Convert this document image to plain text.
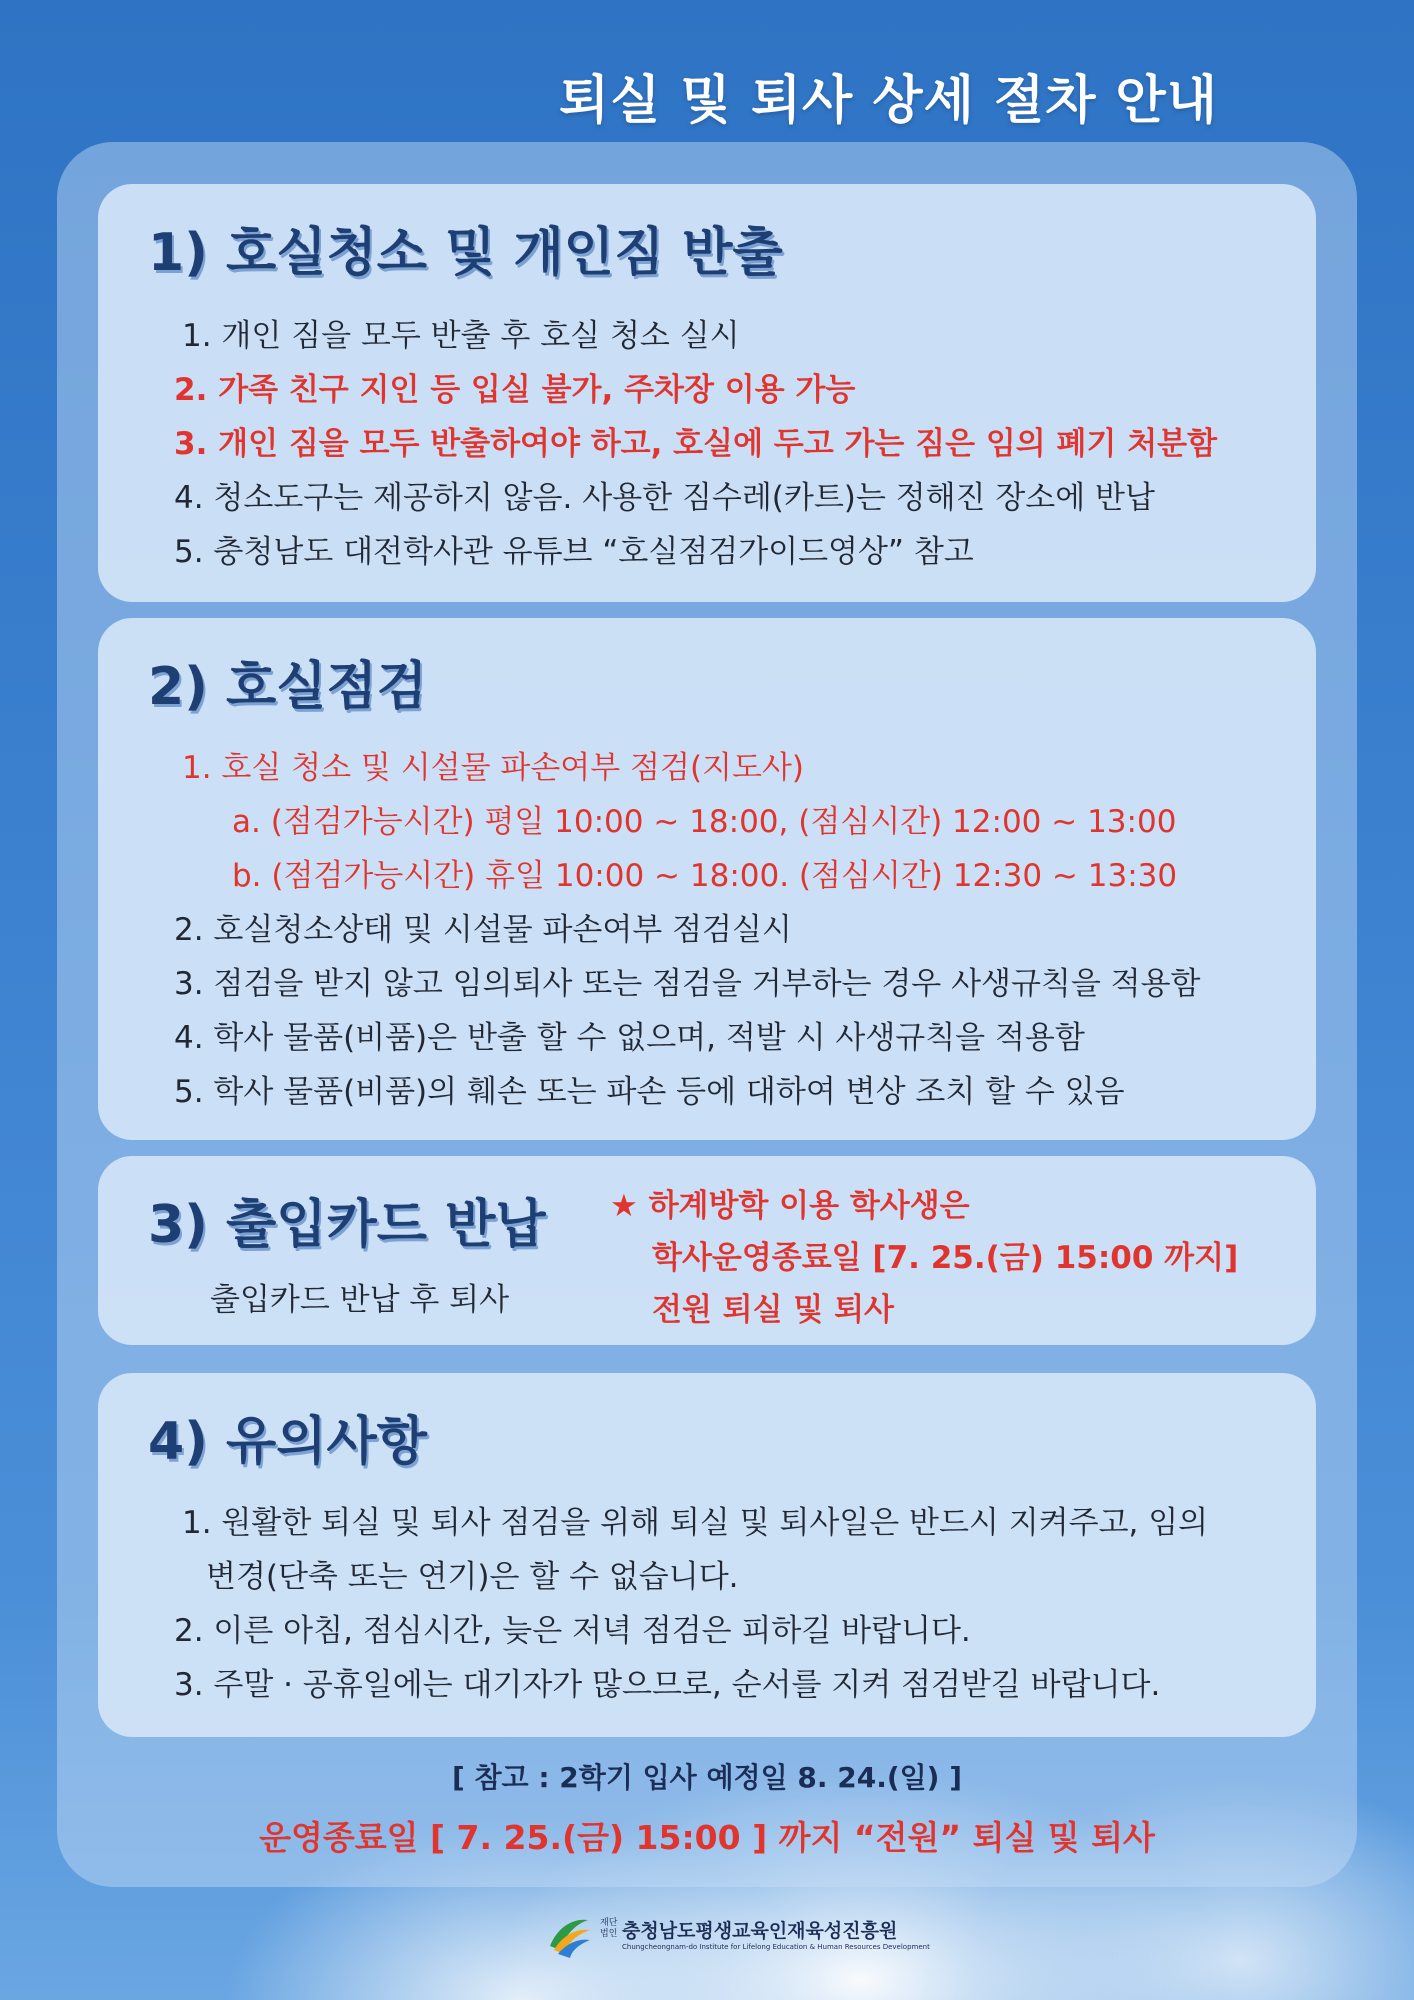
퇴실 및 퇴사 상세 절차 안내
1) 호실청소 및 개인짐 반출
1. 개인 짐을 모두 반출 후 호실 청소 실시
2. 가족 친구 지인 등 입실 불가, 주차장 이용 가능
3. 개인 짐을 모두 반출하여야 하고, 호실에 두고 가는 짐은 임의 폐기 처분함
4. 청소도구는 제공하지 않음. 사용한 짐수레(카트)는 정해진 장소에 반납
5. 충청남도 대전학사관 유튜브 “호실점검가이드영상” 참고
2) 호실점검
1. 호실 청소 및 시설물 파손여부 점검(지도사)
a. (점검가능시간) 평일 10:00 ~ 18:00, (점심시간) 12:00 ~ 13:00
b. (점검가능시간) 휴일 10:00 ~ 18:00. (점심시간) 12:30 ~ 13:30
2. 호실청소상태 및 시설물 파손여부 점검실시
3. 점검을 받지 않고 임의퇴사 또는 점검을 거부하는 경우 사생규칙을 적용함
4. 학사 물품(비품)은 반출 할 수 없으며, 적발 시 사생규칙을 적용함
5. 학사 물품(비품)의 훼손 또는 파손 등에 대하여 변상 조치 할 수 있음
3) 출입카드 반납
출입카드 반납 후 퇴사
★ 하계방학 이용 학사생은
학사운영종료일 [7. 25.(금) 15:00 까지]
전원 퇴실 및 퇴사
4) 유의사항
1. 원활한 퇴실 및 퇴사 점검을 위해 퇴실 및 퇴사일은 반드시 지켜주고, 임의
변경(단축 또는 연기)은 할 수 없습니다.
2. 이른 아침, 점심시간, 늦은 저녁 점검은 피하길 바랍니다.
3. 주말 · 공휴일에는 대기자가 많으므로, 순서를 지켜 점검받길 바랍니다.
[ 참고 : 2학기 입사 예정일 8. 24.(일) ]
운영종료일 [ 7. 25.(금) 15:00 ] 까지 “전원” 퇴실 및 퇴사
재단 법인 충청남도평생교육인재육성진흥원
Chungcheongnam-do Institute for Lifelong Education & Human Resources Development
